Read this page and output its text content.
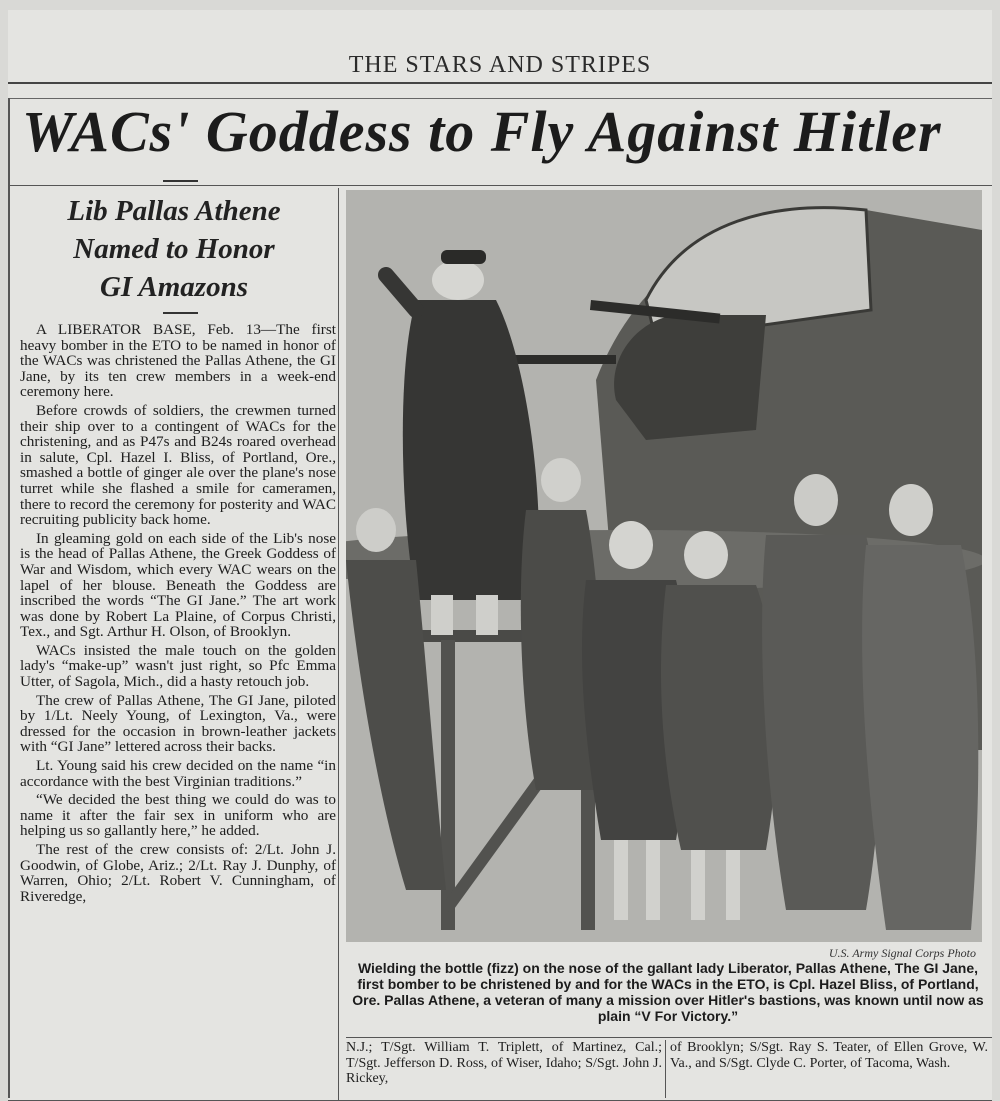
THE STARS AND STRIPES
WACs' Goddess to Fly Against Hitler
Lib Pallas Athene
Named to Honor
GI Amazons

A LIBERATOR BASE, Feb. 13—The first heavy bomber in the ETO to be named in honor of the WACs was christened the Pallas Athene, the GI Jane, by its ten crew members in a week-end ceremony here.

Before crowds of soldiers, the crewmen turned their ship over to a contingent of WACs for the christening, and as P47s and B24s roared overhead in salute, Cpl. Hazel I. Bliss, of Portland, Ore., smashed a bottle of ginger ale over the plane's nose turret while she flashed a smile for cameramen, there to record the ceremony for posterity and WAC recruiting publicity back home.

In gleaming gold on each side of the Lib's nose is the head of Pallas Athene, the Greek Goddess of War and Wisdom, which every WAC wears on the lapel of her blouse. Beneath the Goddess are inscribed the words “The GI Jane.” The art work was done by Robert La Plaine, of Corpus Christi, Tex., and Sgt. Arthur H. Olson, of Brooklyn.

WACs insisted the male touch on the golden lady's “make-up” wasn't just right, so Pfc Emma Utter, of Sagola, Mich., did a hasty retouch job.

The crew of Pallas Athene, The GI Jane, piloted by 1/Lt. Neely Young, of Lexington, Va., were dressed for the occasion in brown-leather jackets with “GI Jane” lettered across their backs.

Lt. Young said his crew decided on the name “in accordance with the best Virginian traditions.”

“We decided the best thing we could do was to name it after the fair sex in uniform who are helping us so gallantly here,” he added.

The rest of the crew consists of: 2/Lt. John J. Goodwin, of Globe, Ariz.; 2/Lt. Ray J. Dunphy, of Warren, Ohio; 2/Lt. Robert V. Cunningham, of Riveredge,

U.S. Army Signal Corps Photo
Wielding the bottle (fizz) on the nose of the gallant lady Liberator, Pallas Athene, The GI Jane, first bomber to be christened by and for the WACs in the ETO, is Cpl. Hazel Bliss, of Portland, Ore. Pallas Athene, a veteran of many a mission over Hitler's bastions, was known until now as plain “V For Victory.”
N.J.; T/Sgt. William T. Triplett, of Martinez, Cal.; T/Sgt. Jefferson D. Ross, of Wiser, Idaho; S/Sgt. John J. Rickey,
of Brooklyn; S/Sgt. Ray S. Teater, of Ellen Grove, W. Va., and S/Sgt. Clyde C. Porter, of Tacoma, Wash.
